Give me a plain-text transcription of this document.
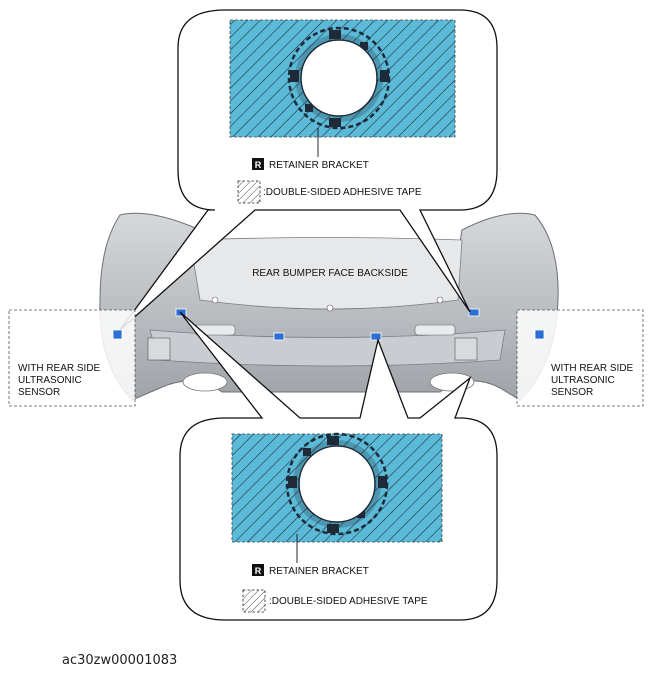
REAR BUMPER FACE BACKSIDE
R RETAINER BRACKET
:DOUBLE-SIDED ADHESIVE TAPE
WITH REAR SIDE
ULTRASONIC
SENSOR
WITH REAR SIDE
ULTRASONIC
SENSOR
R RETAINER BRACKET
:DOUBLE-SIDED ADHESIVE TAPE
ac30zw00001083
